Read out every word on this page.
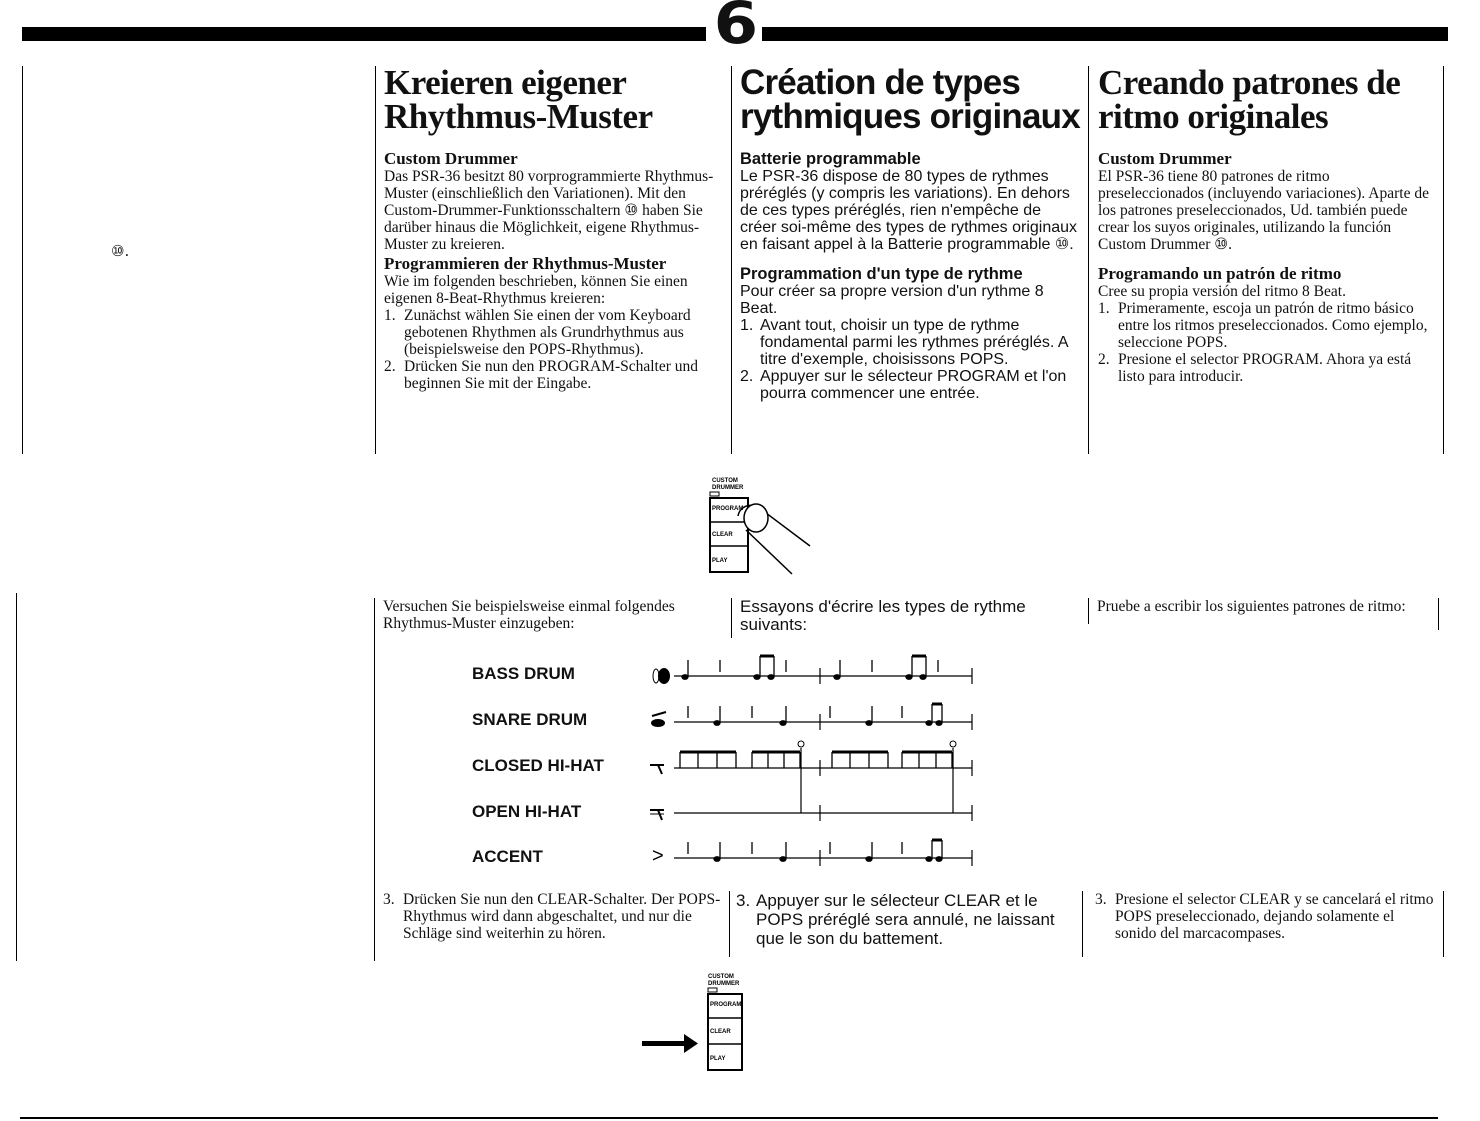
6
⑩.
Kreieren eigener
Rhythmus-Muster
Custom Drummer

Das PSR-36 besitzt 80 vorprogrammierte Rhythmus-Muster (einschließlich den Variationen). Mit den Custom-Drummer-Funktionsschaltern ⑩ haben Sie darüber hinaus die Möglichkeit, eigene Rhythmus-Muster zu kreieren.

Programmieren der Rhythmus-Muster

Wie im folgenden beschrieben, können Sie einen eigenen 8-Beat-Rhythmus kreieren:

1. Zunächst wählen Sie einen der vom Keyboard gebotenen Rhythmen als Grundrhythmus aus (beispielsweise den POPS-Rhythmus).
2. Drücken Sie nun den PROGRAM-Schalter und beginnen Sie mit der Eingabe.
Création de types
rythmiques originaux
Batterie programmable

Le PSR-36 dispose de 80 types de rythmes préréglés (y compris les variations). En dehors de ces types préréglés, rien n'empêche de créer soi-même des types de rythmes originaux en faisant appel à la Batterie programmable ⑩.

Programmation d'un type de rythme

Pour créer sa propre version d'un rythme 8 Beat.

1. Avant tout, choisir un type de rythme fondamental parmi les rythmes préréglés. A titre d'exemple, choisissons POPS.
2. Appuyer sur le sélecteur PROGRAM et l'on pourra commencer une entrée.
Creando patrones de
ritmo originales
Custom Drummer

El PSR-36 tiene 80 patrones de ritmo preseleccionados (incluyendo variaciones). Aparte de los patrones preseleccionados, Ud. también puede crear los suyos originales, utilizando la función Custom Drummer ⑩.

Programando un patrón de ritmo

Cree su propia versión del ritmo 8 Beat.

1. Primeramente, escoja un patrón de ritmo básico entre los ritmos preseleccionados. Como ejemplo, seleccione POPS.
2. Presione el selector PROGRAM. Ahora ya está listo para introducir.
CUSTOM
DRUMMER
PROGRAM
CLEAR
PLAY
Versuchen Sie beispielsweise einmal folgendes Rhythmus-Muster einzugeben:
Essayons d'écrire les types de rythme suivants:
Pruebe a escribir los siguientes patrones de ritmo:
BASS DRUM
SNARE DRUM
CLOSED HI-HAT
OPEN HI-HAT
ACCENT	>
3. Drücken Sie nun den CLEAR-Schalter. Der POPS-Rhythmus wird dann abgeschaltet, und nur die Schläge sind weiterhin zu hören.
3. Appuyer sur le sélecteur CLEAR et le POPS préréglé sera annulé, ne laissant que le son du battement.
3. Presione el selector CLEAR y se cancelará el ritmo POPS preseleccionado, dejando solamente el sonido del marcacompases.
CUSTOM
DRUMMER
PROGRAM
CLEAR
PLAY
